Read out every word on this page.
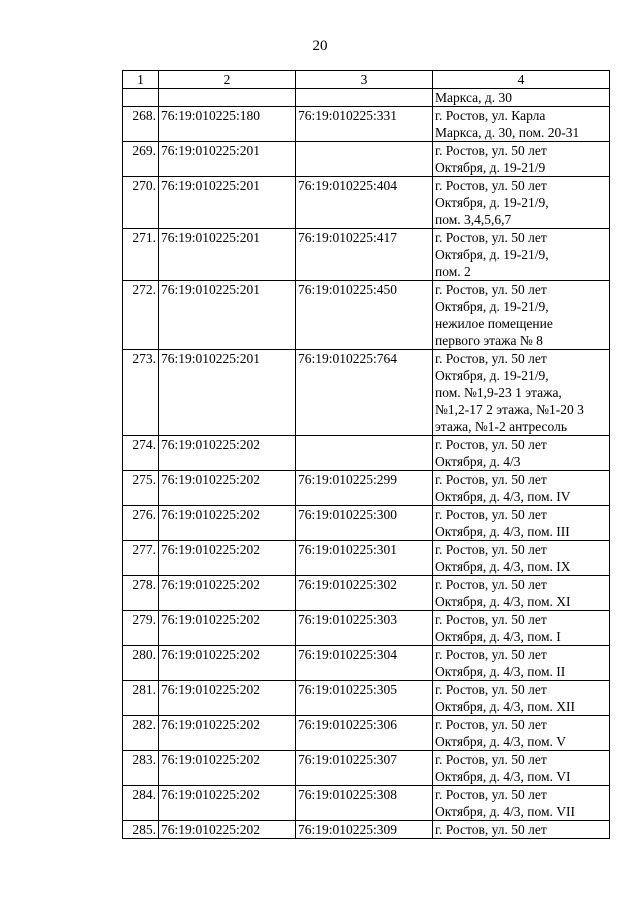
20
1	2	3	4

			Маркса, д. 30

268.	76:19:010225:180	76:19:010225:331	г. Ростов, ул. Карла
Маркса, д. 30, пом. 20-31

269.	76:19:010225:201		г. Ростов, ул. 50 лет
Октября, д. 19-21/9

270.	76:19:010225:201	76:19:010225:404	г. Ростов, ул. 50 лет
Октября, д. 19-21/9,
пом. 3,4,5,6,7

271.	76:19:010225:201	76:19:010225:417	г. Ростов, ул. 50 лет
Октября, д. 19-21/9,
пом. 2

272.	76:19:010225:201	76:19:010225:450	г. Ростов, ул. 50 лет
Октября, д. 19-21/9,
нежилое помещение
первого этажа № 8

273.	76:19:010225:201	76:19:010225:764	г. Ростов, ул. 50 лет
Октября, д. 19-21/9,
пом. №1,9-23 1 этажа,
№1,2-17 2 этажа, №1-20 3
этажа, №1-2 антресоль

274.	76:19:010225:202		г. Ростов, ул. 50 лет
Октября, д. 4/3

275.	76:19:010225:202	76:19:010225:299	г. Ростов, ул. 50 лет
Октября, д. 4/3, пом. IV

276.	76:19:010225:202	76:19:010225:300	г. Ростов, ул. 50 лет
Октября, д. 4/3, пом. III

277.	76:19:010225:202	76:19:010225:301	г. Ростов, ул. 50 лет
Октября, д. 4/3, пом. IX

278.	76:19:010225:202	76:19:010225:302	г. Ростов, ул. 50 лет
Октября, д. 4/3, пом. XI

279.	76:19:010225:202	76:19:010225:303	г. Ростов, ул. 50 лет
Октября, д. 4/3, пом. I

280.	76:19:010225:202	76:19:010225:304	г. Ростов, ул. 50 лет
Октября, д. 4/3, пом. II

281.	76:19:010225:202	76:19:010225:305	г. Ростов, ул. 50 лет
Октября, д. 4/3, пом. XII

282.	76:19:010225:202	76:19:010225:306	г. Ростов, ул. 50 лет
Октября, д. 4/3, пом. V

283.	76:19:010225:202	76:19:010225:307	г. Ростов, ул. 50 лет
Октября, д. 4/3, пом. VI

284.	76:19:010225:202	76:19:010225:308	г. Ростов, ул. 50 лет
Октября, д. 4/3, пом. VII

285.	76:19:010225:202	76:19:010225:309	г. Ростов, ул. 50 лет
